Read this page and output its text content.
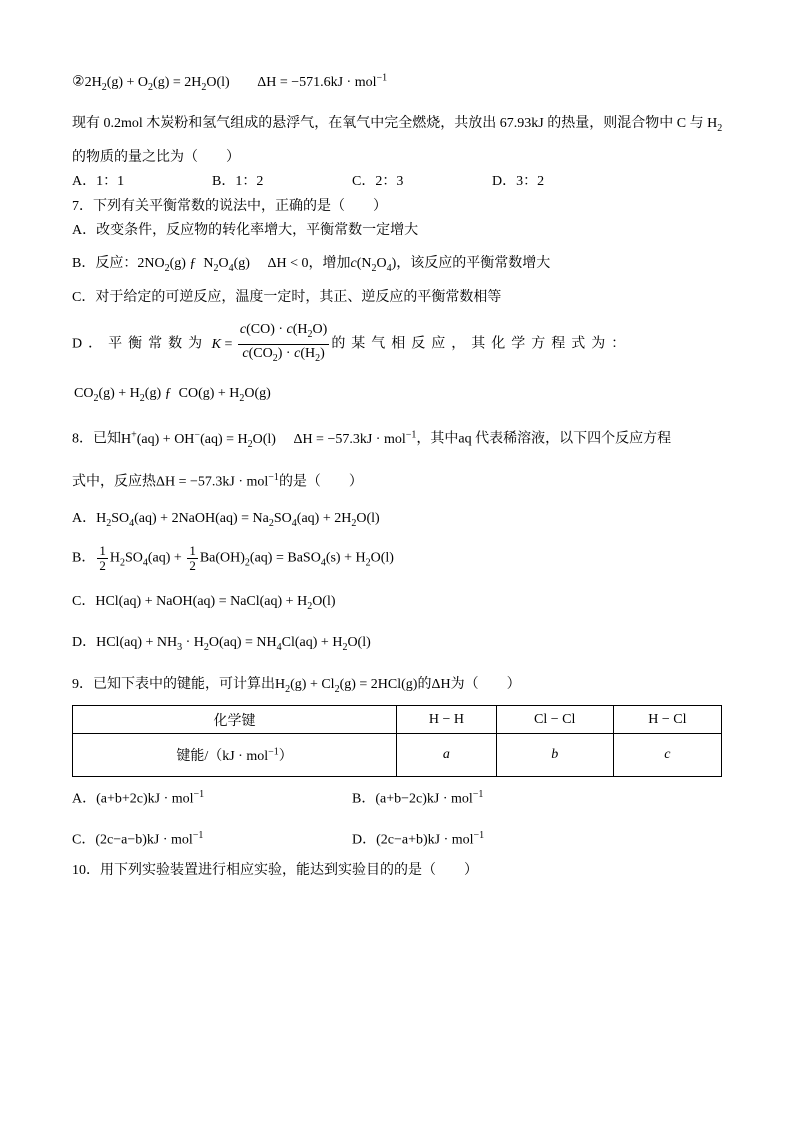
$②2H_2(g) + O_2(g) = 2H_2O(l) \Delta H = -571.6kJ \cdot mol^{-1}$
现有 0.2mol 木炭粉和氢气组成的悬浮气，在氧气中完全燃烧，共放出 67.93kJ 的热量，则混合物中 C 与 $H_2$
的物质的量之比为（　　）
A．1：1	B．1：2	C．2：3	D．3：2
7．下列有关平衡常数的说法中，正确的是（　　）
A．改变条件，反应物的转化率增大，平衡常数一定增大
B．反应：$2NO_2(g)$ ƒ  $N_2O_4(g) \Delta H < 0$，增加$c(N_2O_4)$，该反应的平衡常数增大
C．对于给定的可逆反应，温度一定时，其正、逆反应的平衡常数相等
D．平衡常数为 $K = \frac{c(CO) \cdot c(H_2O)}{c(CO_2) \cdot c(H_2)}$ 的某气相反应，其化学方程式为：
$CO_2(g) + H_2(g)$ ƒ  $CO(g) + H_2O(g)$
8．已知$H^+(aq) + OH^-(aq) = H_2O(l) \Delta H = -57.3kJ \cdot mol^{-1}$，其中aq 代表稀溶液，以下四个反应方程
式中，反应热ΔH = −57.3kJ · mol$^{-1}$的是（　　）
A．$H_2SO_4(aq)$ + 2NaOH(aq) = $Na_2SO_4(aq) + 2H_2O(l)$
B． $\frac{1}{2} H_2SO_4(aq) + \frac{1}{2} Ba(OH)_2(aq)$ = BaSO$_4$(s) + $H_2O(l)$
C．HCl(aq) + NaOH(aq) = NaCl(aq) + $H_2O(l)$
D．$HCl(aq) + NH_3 \cdot H_2O(aq) = NH_4Cl(aq) + H_2O(l)$
9．已知下表中的键能，可计算出$H_2(g) + Cl_2(g) = 2HCl(g)$的ΔH为（　　）
化学键	H − H	Cl − Cl	H − Cl
键能/（kJ · mol$^{-1}$）	a	b	c
A．(a+b+2c)kJ · mol$^{-1}$	B．(a+b−2c)kJ · mol$^{-1}$
C．(2c−a−b)kJ · mol$^{-1}$	D．(2c−a+b)kJ · mol$^{-1}$
10．用下列实验装置进行相应实验，能达到实验目的的是（　　）
